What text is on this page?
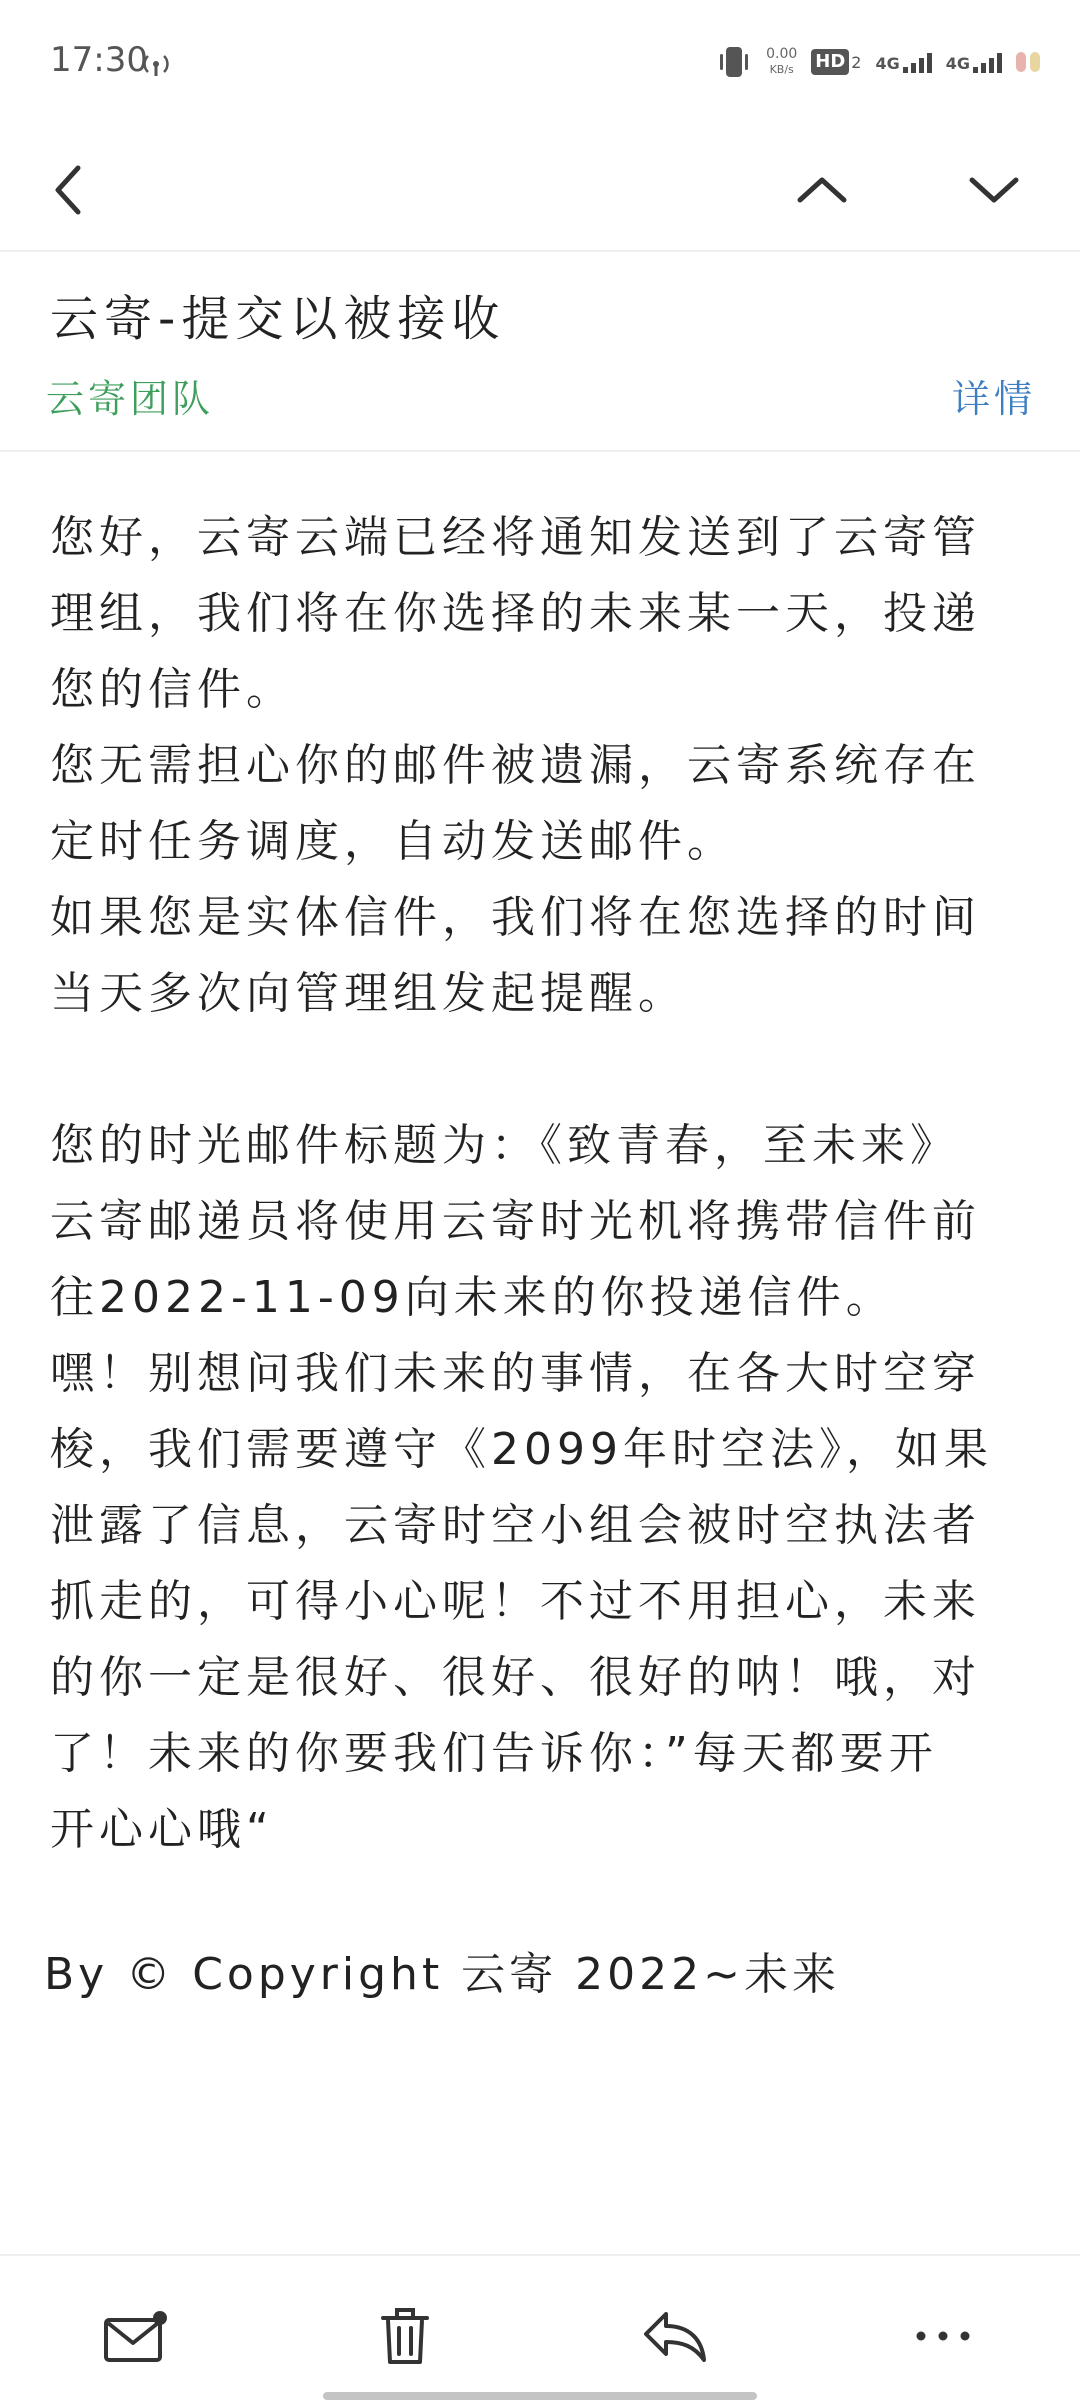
17:30	0.00
KB/s HD 2 4G	4G
云寄-提交以被接收
云寄团队	详情

您好，云寄云端已经将通知发送到了云寄管

理组，我们将在你选择的未来某一天，投递

您的信件。

您无需担心你的邮件被遗漏，云寄系统存在

定时任务调度，自动发送邮件。

如果您是实体信件，我们将在您选择的时间

当天多次向管理组发起提醒。

您的时光邮件标题为：《致青春，至未来》

云寄邮递员将使用云寄时光机将携带信件前

往2022-11-09向未来的你投递信件。

嘿！别想问我们未来的事情，在各大时空穿

梭，我们需要遵守《2099年时空法》，如果

泄露了信息，云寄时空小组会被时空执法者

抓走的，可得小心呢！不过不用担心，未来

的你一定是很好、很好、很好的呐！哦，对

了！未来的你要我们告诉你：”每天都要开

开心心哦“

By © Copyright 云寄 2022~未来
